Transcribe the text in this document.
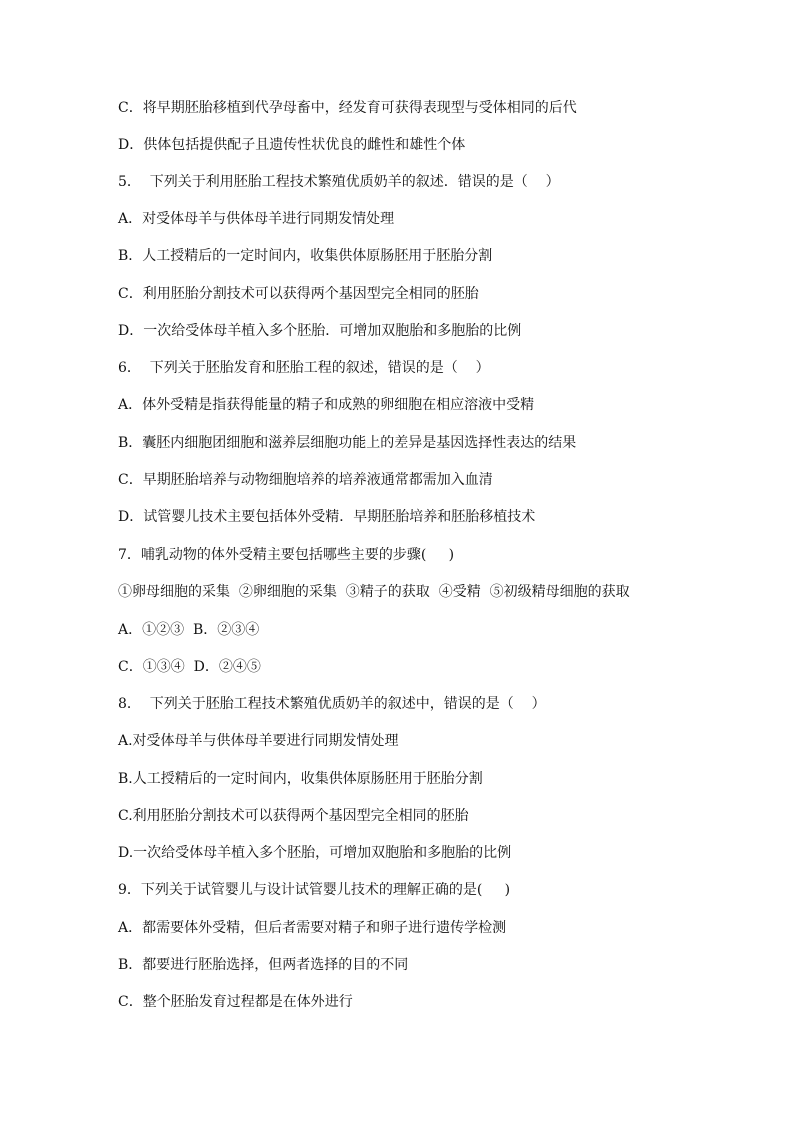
C．将早期胚胎移植到代孕母畜中，经发育可获得表现型与受体相同的后代
D．供体包括提供配子且遗传性状优良的雌性和雄性个体
5．  下列关于利用胚胎工程技术繁殖优质奶羊的叙述．错误的是（    ）
A．对受体母羊与供体母羊进行同期发情处理
B．人工授精后的一定时间内，收集供体原肠胚用于胚胎分割
C．利用胚胎分割技术可以获得两个基因型完全相同的胚胎
D．一次给受体母羊植入多个胚胎．可增加双胞胎和多胞胎的比例
6．  下列关于胚胎发育和胚胎工程的叙述，错误的是（    ）
A．体外受精是指获得能量的精子和成熟的卵细胞在相应溶液中受精
B．囊胚内细胞团细胞和滋养层细胞功能上的差异是基因选择性表达的结果
C．早期胚胎培养与动物细胞培养的培养液通常都需加入血清
D．试管婴儿技术主要包括体外受精．早期胚胎培养和胚胎移植技术
7．哺乳动物的体外受精主要包括哪些主要的步骤(     )
①卵母细胞的采集  ②卵细胞的采集  ③精子的获取  ④受精  ⑤初级精母细胞的获取
A．①②③  B．②③④
C．①③④  D．②④⑤
8．  下列关于胚胎工程技术繁殖优质奶羊的叙述中，错误的是（    ）
A.对受体母羊与供体母羊要进行同期发情处理
B.人工授精后的一定时间内，收集供体原肠胚用于胚胎分割
C.利用胚胎分割技术可以获得两个基因型完全相同的胚胎
D.一次给受体母羊植入多个胚胎，可增加双胞胎和多胞胎的比例
9．下列关于试管婴儿与设计试管婴儿技术的理解正确的是(     )
A．都需要体外受精，但后者需要对精子和卵子进行遗传学检测
B．都要进行胚胎选择，但两者选择的目的不同
C．整个胚胎发育过程都是在体外进行
